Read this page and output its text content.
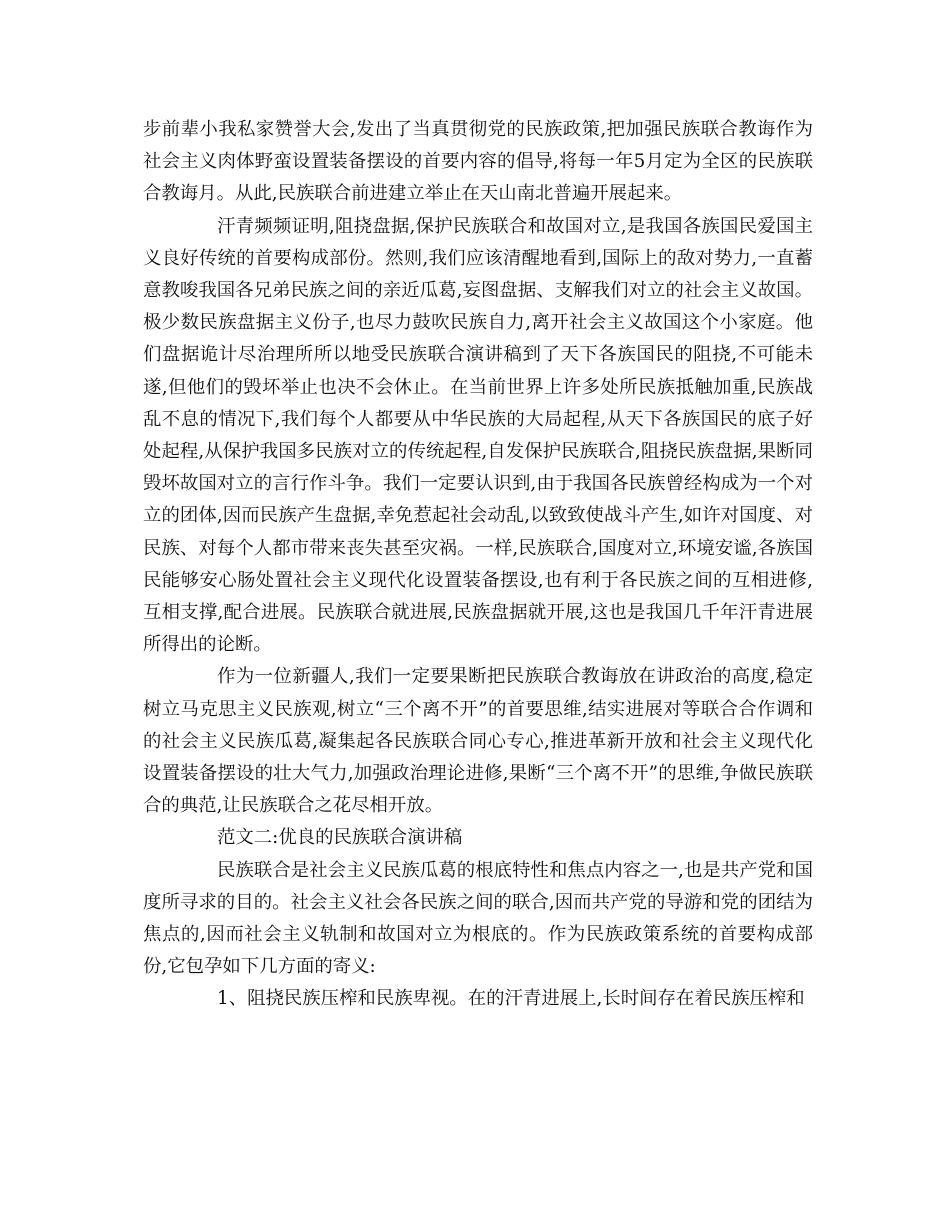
步前辈小我私家赞誉大会,发出了当真贯彻党的民族政策,把加强民族联合教诲作为社会主义肉体野蛮设置装备摆设的首要内容的倡导,将每一年5月定为全区的民族联合教诲月。从此,民族联合前进建立举止在天山南北普遍开展起来。

汗青频频证明,阻挠盘据,保护民族联合和故国对立,是我国各族国民爱国主义良好传统的首要构成部份。然则,我们应该清醒地看到,国际上的敌对势力,一直蓄意教唆我国各兄弟民族之间的亲近瓜葛,妄图盘据、支解我们对立的社会主义故国。极少数民族盘据主义份子,也尽力鼓吹民族自力,离开社会主义故国这个小家庭。他们盘据诡计尽治理所所以地受民族联合演讲稿到了天下各族国民的阻挠,不可能未遂,但他们的毁坏举止也决不会休止。在当前世界上许多处所民族抵触加重,民族战乱不息的情况下,我们每个人都要从中华民族的大局起程,从天下各族国民的底子好处起程,从保护我国多民族对立的传统起程,自发保护民族联合,阻挠民族盘据,果断同毁坏故国对立的言行作斗争。我们一定要认识到,由于我国各民族曾经构成为一个对立的团体,因而民族产生盘据,幸免惹起社会动乱,以致致使战斗产生,如许对国度、对民族、对每个人都市带来丧失甚至灾祸。一样,民族联合,国度对立,环境安谧,各族国民能够安心肠处置社会主义现代化设置装备摆设,也有利于各民族之间的互相进修,互相支撑,配合进展。民族联合就进展,民族盘据就开展,这也是我国几千年汗青进展所得出的论断。

作为一位新疆人,我们一定要果断把民族联合教诲放在讲政治的高度,稳定树立马克思主义民族观,树立“三个离不开”的首要思维,结实进展对等联合合作调和的社会主义民族瓜葛,凝集起各民族联合同心专心,推进革新开放和社会主义现代化设置装备摆设的壮大气力,加强政治理论进修,果断“三个离不开”的思维,争做民族联合的典范,让民族联合之花尽相开放。

范文二:优良的民族联合演讲稿

民族联合是社会主义民族瓜葛的根底特性和焦点内容之一,也是共产党和国度所寻求的目的。社会主义社会各民族之间的联合,因而共产党的导游和党的团结为焦点的,因而社会主义轨制和故国对立为根底的。作为民族政策系统的首要构成部份,它包孕如下几方面的寄义:

1、阻挠民族压榨和民族卑视。在的汗青进展上,长时间存在着民族压榨和
